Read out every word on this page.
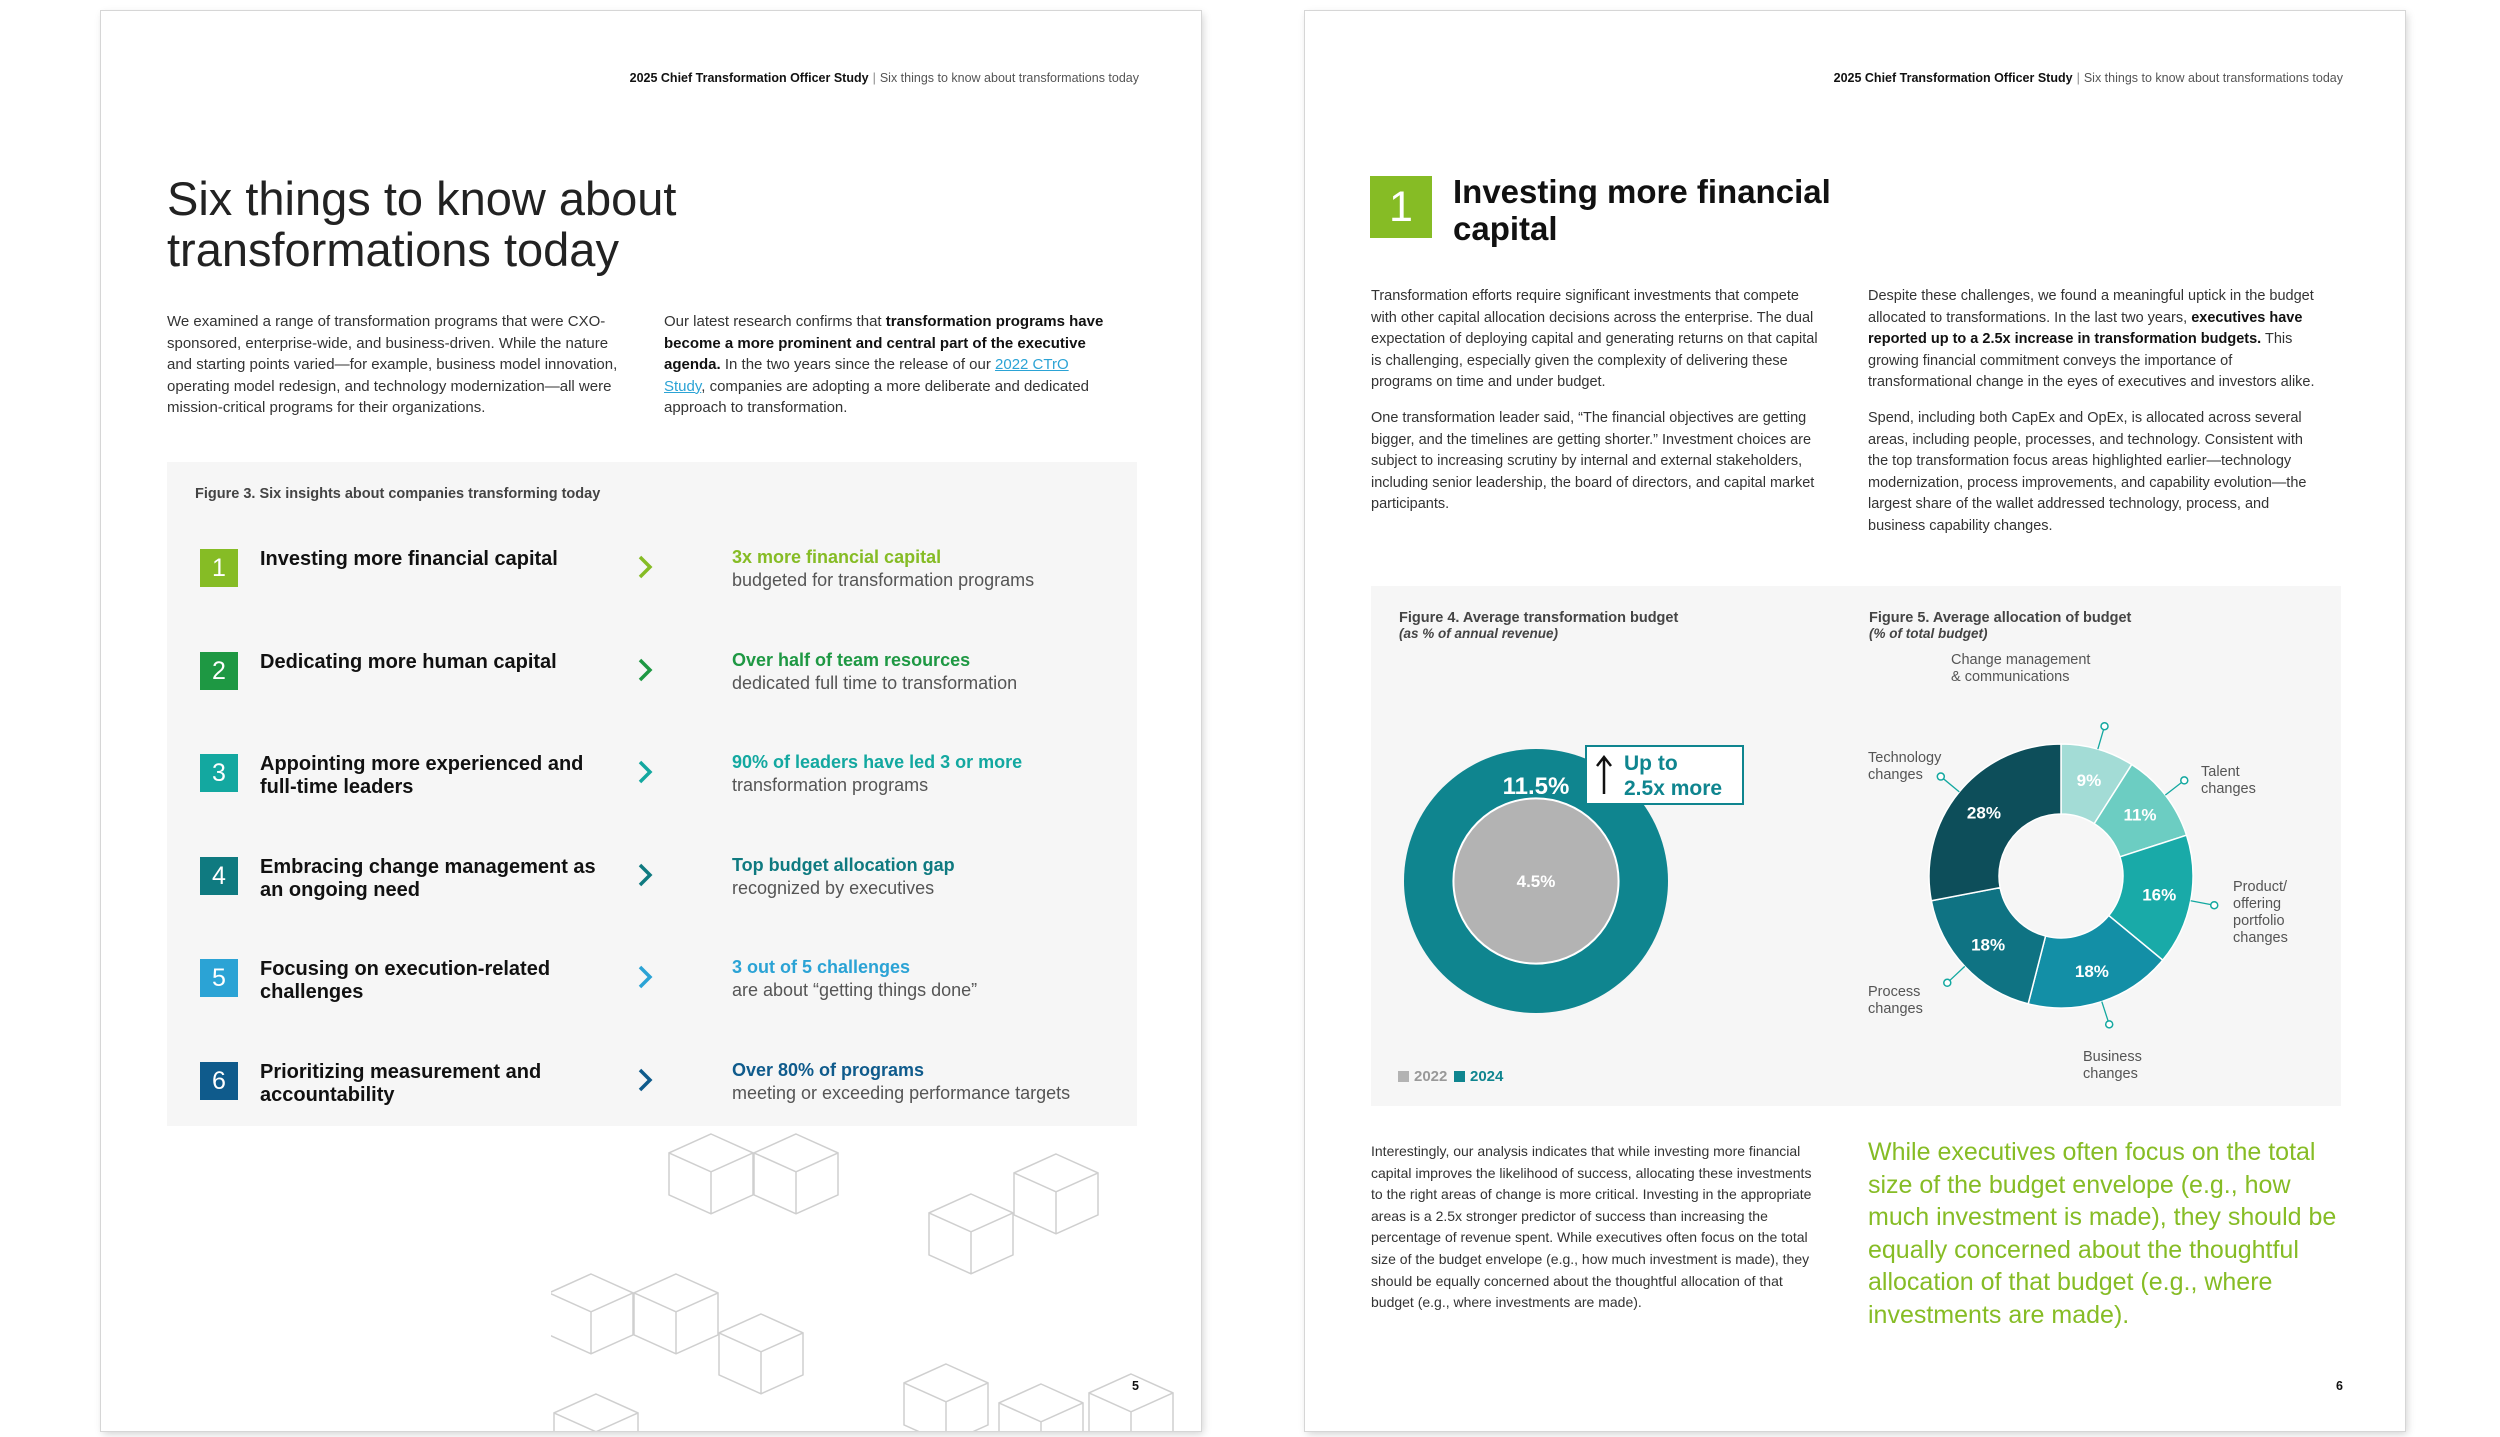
2025 Chief Transformation Officer Study | Six things to know about transformations today
Six things to know about transformations today
We examined a range of transformation programs that were CXO-sponsored, enterprise-wide, and business-driven. While the nature and starting points varied—for example, business model innovation, operating model redesign, and technology modernization—all were mission-critical programs for their organizations.
Our latest research confirms that transformation programs have become a more prominent and central part of the executive agenda. In the two years since the release of our 2022 CTrO Study, companies are adopting a more deliberate and dedicated approach to transformation.
Figure 3. Six insights about companies transforming today
1	Investing more financial capital	3x more financial capital
budgeted for transformation programs
2	Dedicating more human capital	Over half of team resources
dedicated full time to transformation
3	Appointing more experienced and full-time leaders
90% of leaders have led 3 or more
transformation programs
4	Embracing change management as an ongoing need
Top budget allocation gap
recognized by executives
5	Focusing on execution-related challenges
3 out of 5 challenges
are about “getting things done”
6	Prioritizing measurement and accountability
Over 80% of programs
meeting or exceeding performance targets
5
2025 Chief Transformation Officer Study | Six things to know about transformations today
1	Investing more financial capital

Transformation efforts require significant investments that compete with other capital allocation decisions across the enterprise. The dual expectation of deploying capital and generating returns on that capital is challenging, especially given the complexity of delivering these programs on time and under budget.

One transformation leader said, “The financial objectives are getting bigger, and the timelines are getting shorter.” Investment choices are subject to increasing scrutiny by internal and external stakeholders, including senior leadership, the board of directors, and capital market participants.

Despite these challenges, we found a meaningful uptick in the budget allocated to transformations. In the last two years, executives have reported up to a 2.5x increase in transformation budgets. This growing financial commitment conveys the importance of transformational change in the eyes of executives and investors alike.

Spend, including both CapEx and OpEx, is allocated across several areas, including people, processes, and technology. Consistent with the top transformation focus areas highlighted earlier—technology modernization, process improvements, and capability evolution—the largest share of the wallet addressed technology, process, and business capability changes.

Figure 4. Average transformation budget
(as % of annual revenue)
Figure 5. Average allocation of budget
(% of total budget)
4.5%
11.5%
Up to
2.5x more
2022 2024
9%
11%
16%
18%
18%
28%
Change management & communications
Talent changes
Product/ offering portfolio changes
Business changes
Process changes
Technology changes
Interestingly, our analysis indicates that while investing more financial capital improves the likelihood of success, allocating these investments to the right areas of change is more critical. Investing in the appropriate areas is a 2.5x stronger predictor of success than increasing the percentage of revenue spent. While executives often focus on the total size of the budget envelope (e.g., how much investment is made), they should be equally concerned about the thoughtful allocation of that budget (e.g., where investments are made).
While executives often focus on the total size of the budget envelope (e.g., how much investment is made), they should be equally concerned about the thoughtful allocation of that budget (e.g., where investments are made).
6
